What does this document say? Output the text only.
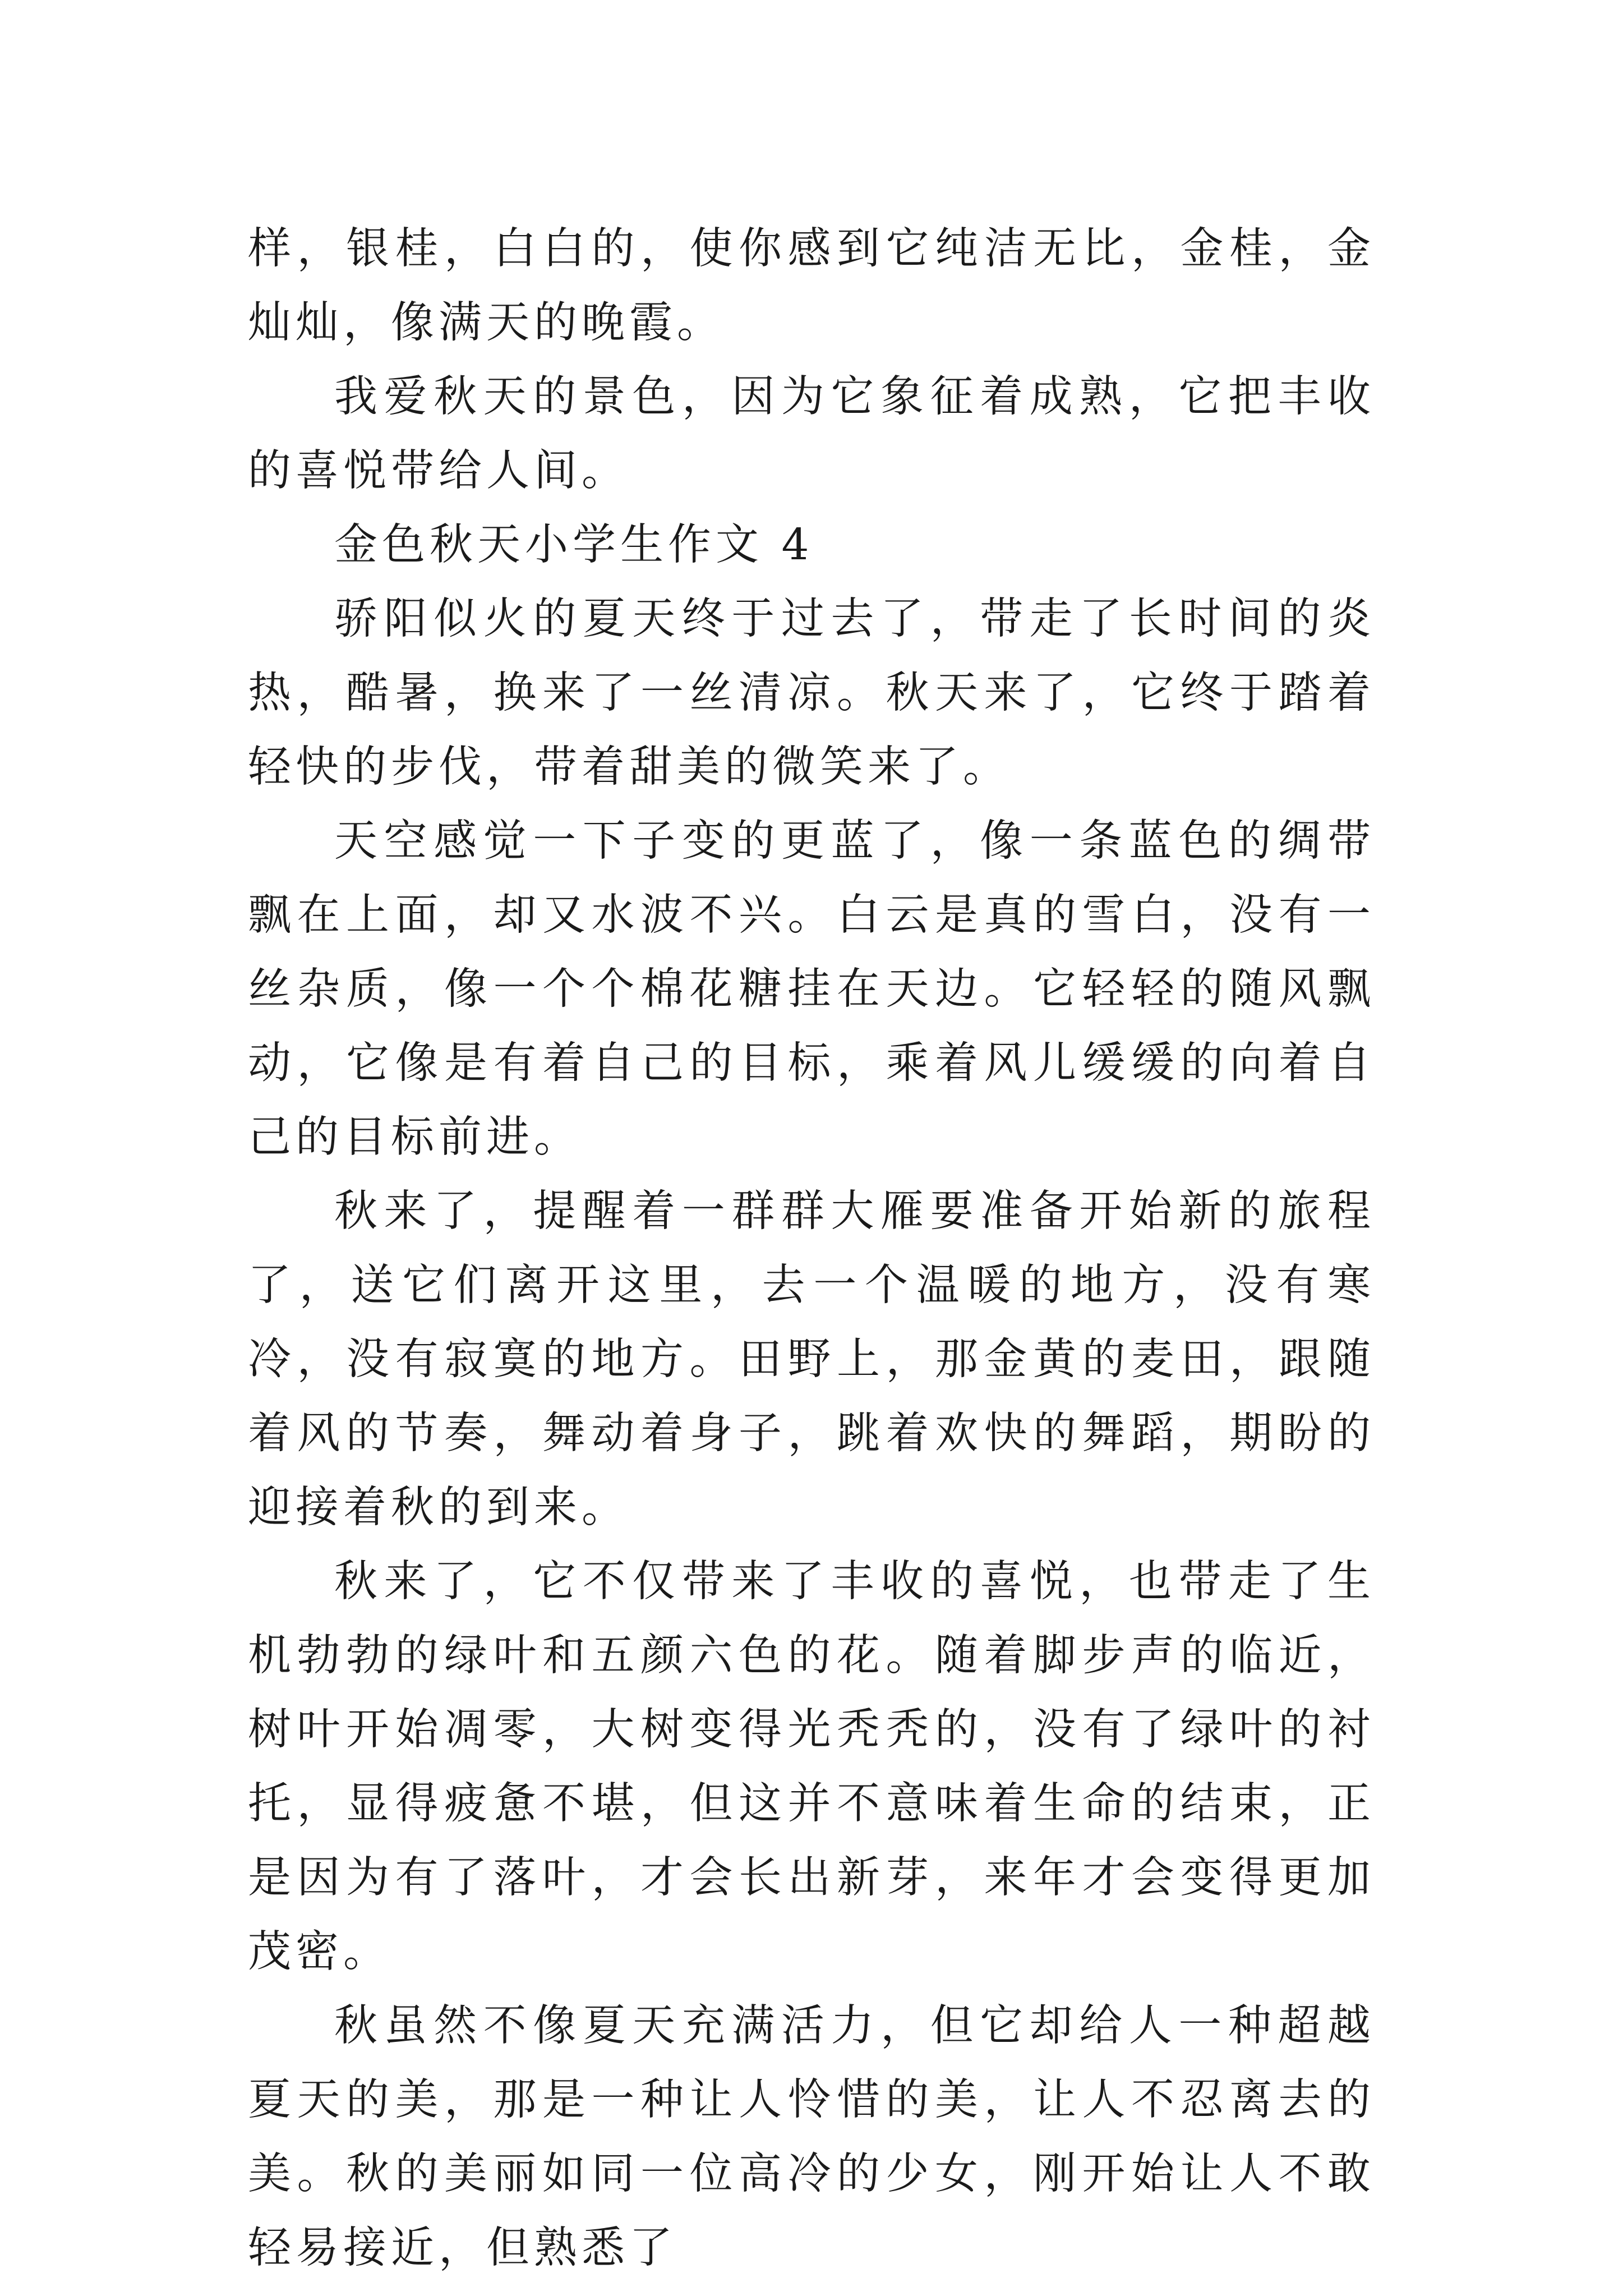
样，银桂，白白的，使你感到它纯洁无比，金桂，金灿灿，像满天的晚霞。

我爱秋天的景色，因为它象征着成熟，它把丰收的喜悦带给人间。

金色秋天小学生作文 4

骄阳似火的夏天终于过去了，带走了长时间的炎热，酷暑，换来了一丝清凉。秋天来了，它终于踏着轻快的步伐，带着甜美的微笑来了。

天空感觉一下子变的更蓝了，像一条蓝色的绸带飘在上面，却又水波不兴。白云是真的雪白，没有一丝杂质，像一个个棉花糖挂在天边。它轻轻的随风飘动，它像是有着自己的目标，乘着风儿缓缓的向着自己的目标前进。

秋来了，提醒着一群群大雁要准备开始新的旅程了，送它们离开这里，去一个温暖的地方，没有寒冷，没有寂寞的地方。田野上，那金黄的麦田，跟随着风的节奏，舞动着身子，跳着欢快的舞蹈，期盼的迎接着秋的到来。

秋来了，它不仅带来了丰收的喜悦，也带走了生机勃勃的绿叶和五颜六色的花。随着脚步声的临近，树叶开始凋零，大树变得光秃秃的，没有了绿叶的衬托，显得疲惫不堪，但这并不意味着生命的结束，正是因为有了落叶，才会长出新芽，来年才会变得更加茂密。

秋虽然不像夏天充满活力，但它却给人一种超越夏天的美，那是一种让人怜惜的美，让人不忍离去的美。秋的美丽如同一位高冷的少女，刚开始让人不敢轻易接近，但熟悉了
